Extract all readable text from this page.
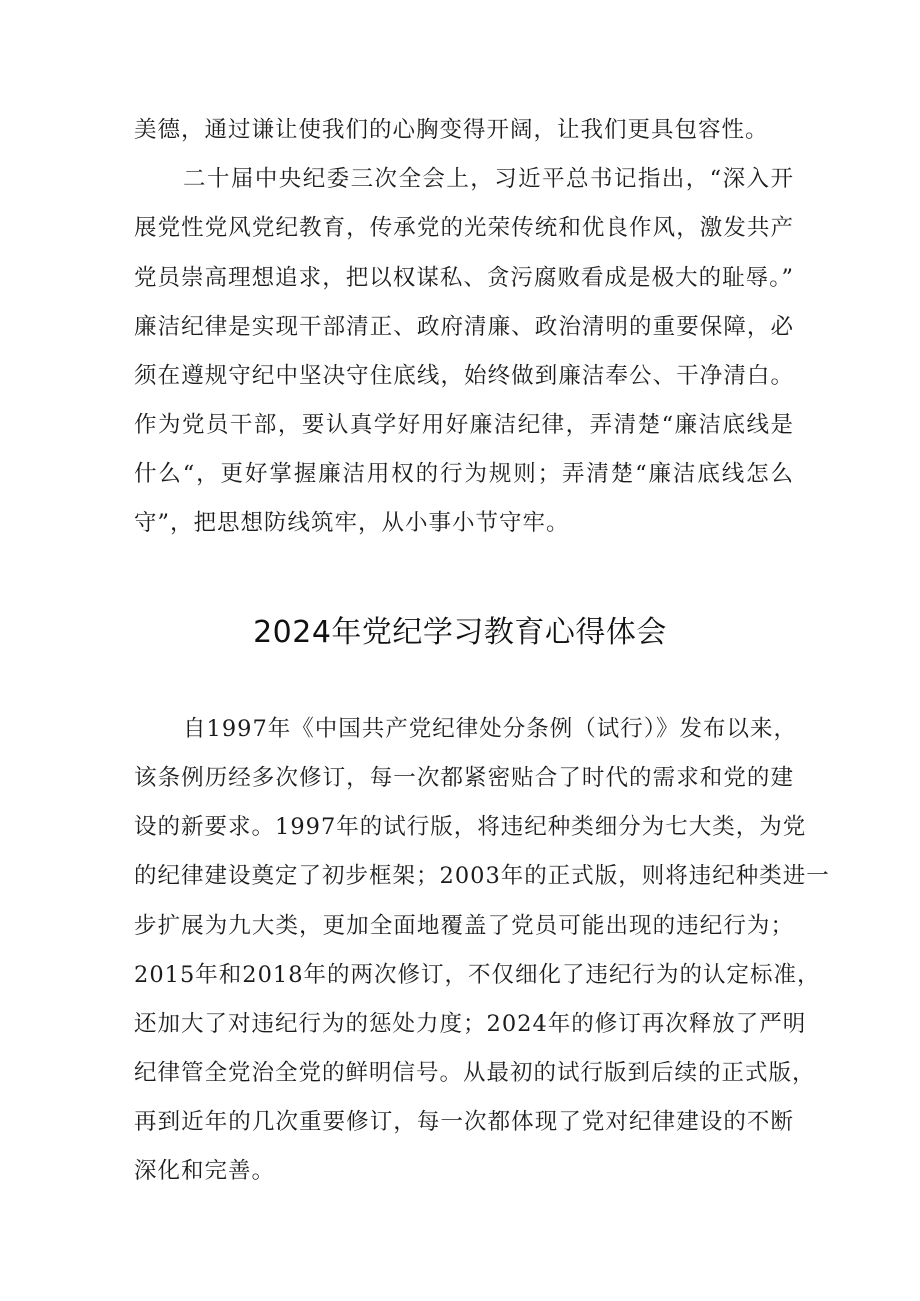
美德，通过谦让使我们的心胸变得开阔，让我们更具包容性。
二十届中央纪委三次全会上，习近平总书记指出，“深入开
展党性党风党纪教育，传承党的光荣传统和优良作风，激发共产
党员崇高理想追求，把以权谋私、贪污腐败看成是极大的耻辱。”
廉洁纪律是实现干部清正、政府清廉、政治清明的重要保障，必
须在遵规守纪中坚决守住底线，始终做到廉洁奉公、干净清白。
作为党员干部，要认真学好用好廉洁纪律，弄清楚“廉洁底线是
什么“，更好掌握廉洁用权的行为规则；弄清楚“廉洁底线怎么
守”，把思想防线筑牢，从小事小节守牢。
2024年党纪学习教育心得体会
自1997年《中国共产党纪律处分条例（试行）》发布以来，
该条例历经多次修订，每一次都紧密贴合了时代的需求和党的建
设的新要求。1997年的试行版，将违纪种类细分为七大类，为党
的纪律建设奠定了初步框架；2003年的正式版，则将违纪种类进一
步扩展为九大类，更加全面地覆盖了党员可能出现的违纪行为；
2015年和2018年的两次修订，不仅细化了违纪行为的认定标准，
还加大了对违纪行为的惩处力度；2024年的修订再次释放了严明
纪律管全党治全党的鲜明信号。从最初的试行版到后续的正式版，
再到近年的几次重要修订，每一次都体现了党对纪律建设的不断
深化和完善。
